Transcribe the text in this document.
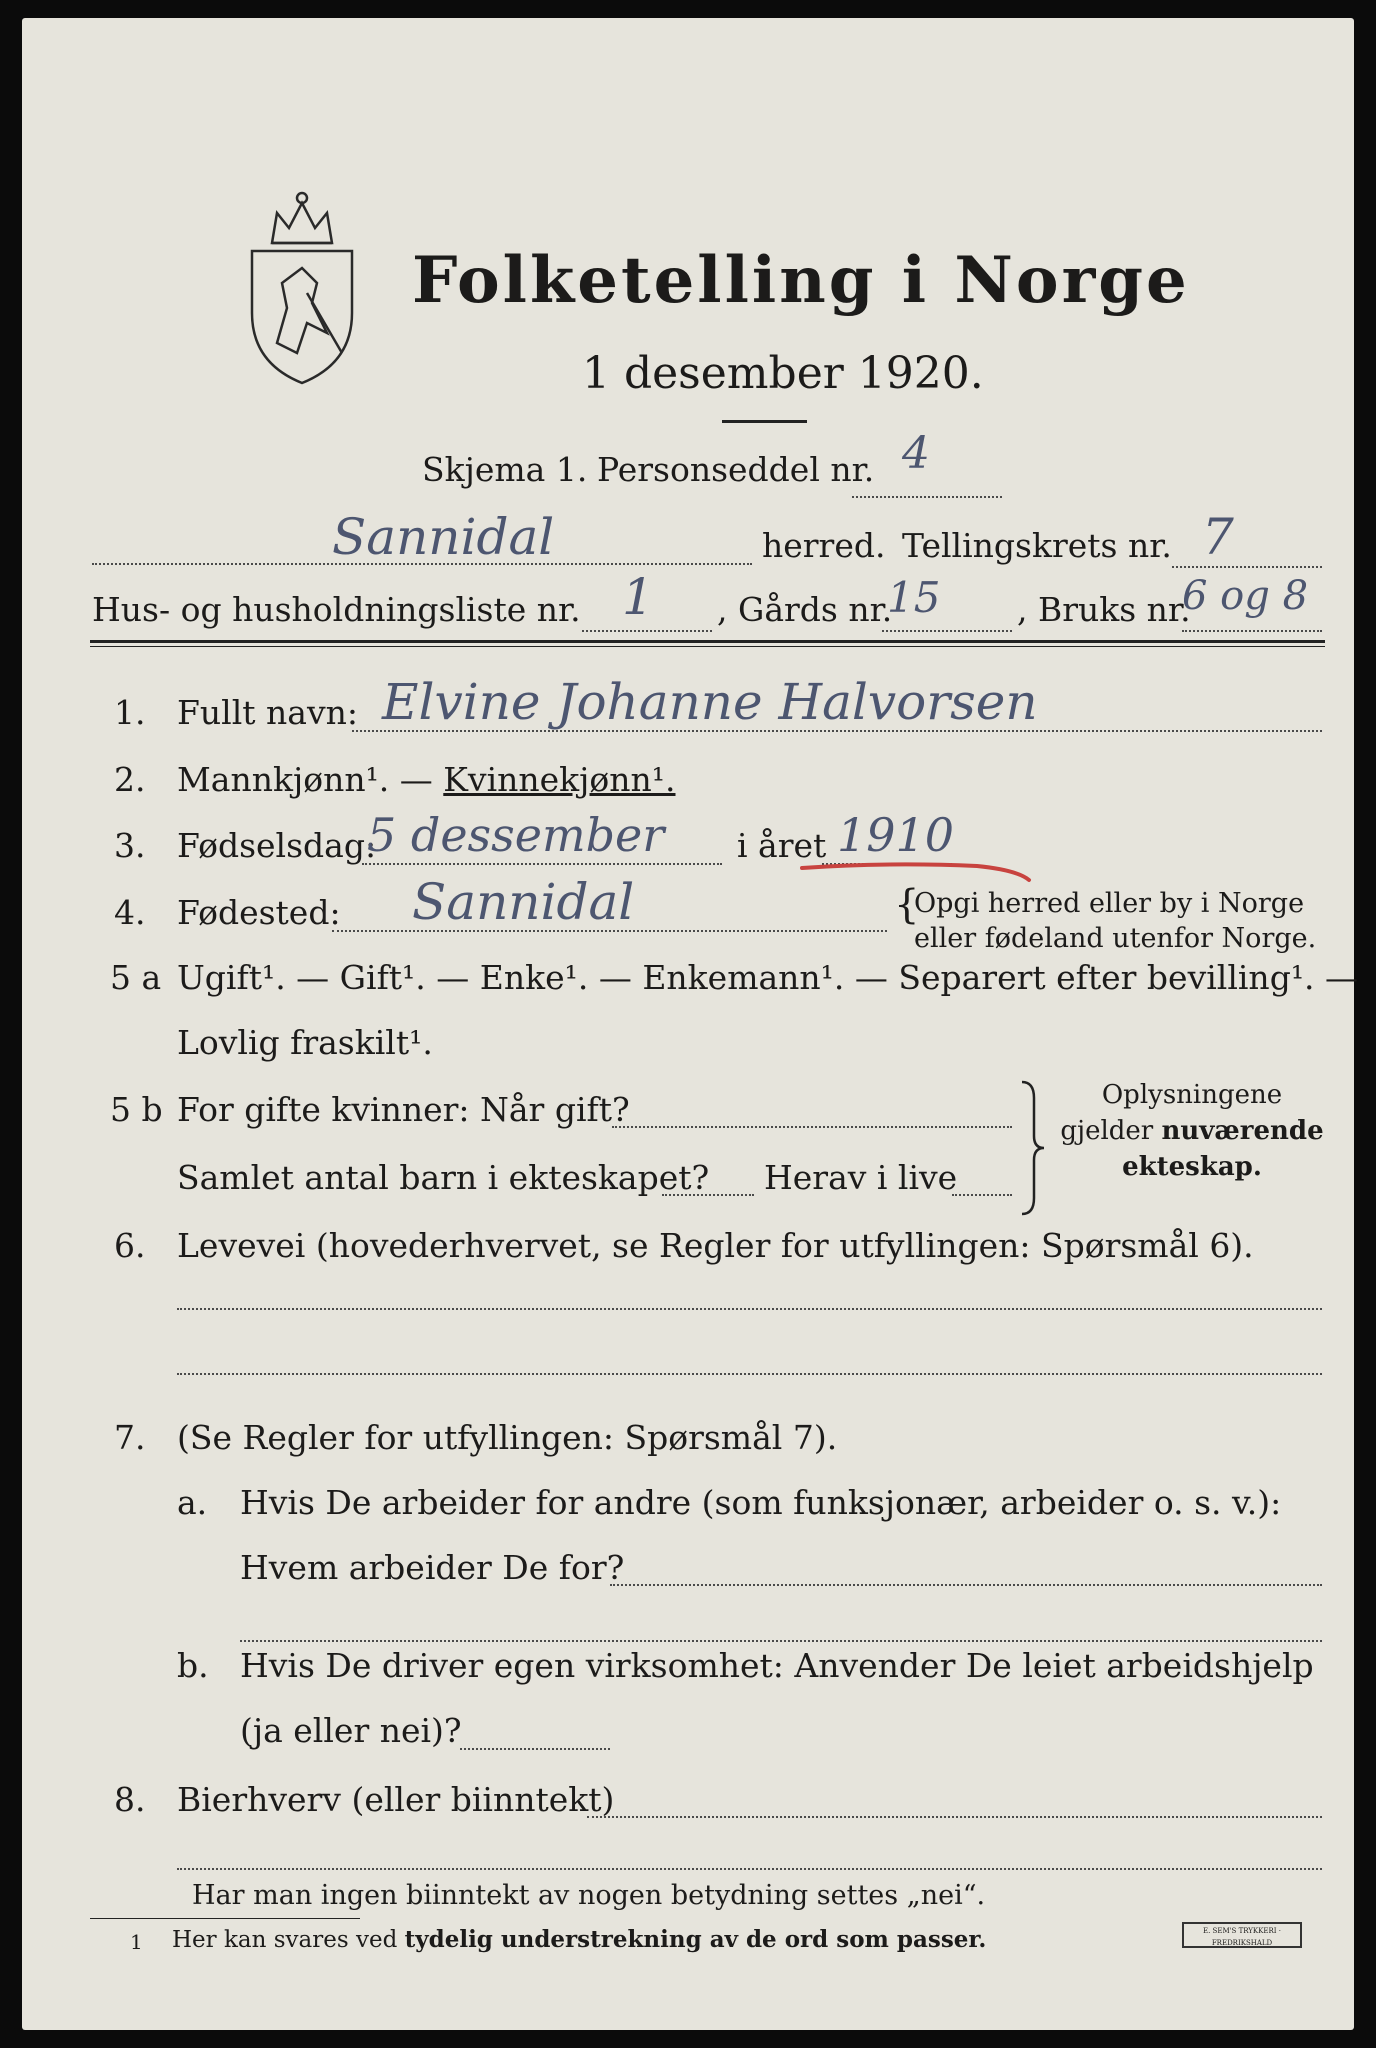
Folketelling i Norge
1 desember 1920.
Skjema 1. Personseddel nr. 4
Sannidal	herred. Tellingskrets nr. 7
Hus- og husholdningsliste nr. 1 , Gårds nr.
15 , Bruks nr.
6 og 8
1. Fullt navn: Elvine Johanne Halvorsen
2. Mannkjønn¹. — Kvinnekjønn¹.
3. Fødselsdag:
5 dessember i året 1910
4. Fødested: Sannidal	{
Opgi herred eller by i Norge
eller fødeland utenfor Norge.
5 a Ugift¹. — Gift¹. — Enke¹. — Enkemann¹. — Separert efter bevilling¹. —
Lovlig fraskilt¹.
5 b For gifte kvinner: Når gift?
Samlet antal barn i ekteskapet? Herav i live
Oplysningene
gjelder nuværende
ekteskap.
6. Levevei (hovederhvervet, se Regler for utfyllingen: Spørsmål 6).
7. (Se Regler for utfyllingen: Spørsmål 7).
a. Hvis De arbeider for andre (som funksjonær, arbeider o. s. v.):
Hvem arbeider De for?
b. Hvis De driver egen virksomhet: Anvender De leiet arbeidshjelp
(ja eller nei)?
8. Bierhverv (eller biinntekt)
Har man ingen biinntekt av nogen betydning settes „nei“.
1 Her kan svares ved tydelig understrekning av de ord som passer.	E. SEM'S TRYKKERI · FREDRIKSHALD
